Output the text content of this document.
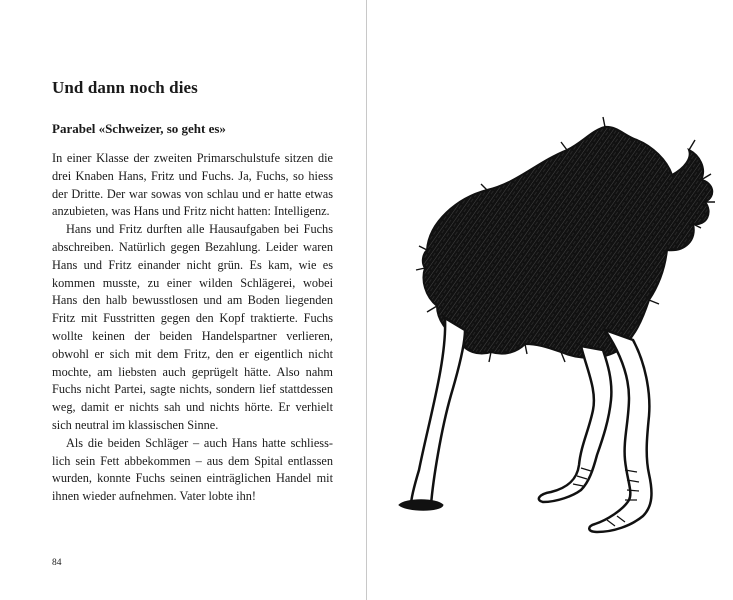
Und dann noch dies
Parabel «Schweizer, so geht es»

In einer Klasse der zweiten Primarschulstufe sitzen die drei Knaben Hans, Fritz und Fuchs. Ja, Fuchs, so hiess der Dritte. Der war sowas von schlau und er hatte etwas anzubieten, was Hans und Fritz nicht hatten: Intelligenz.

Hans und Fritz durften alle Hausaufgaben bei Fuchs abschreiben. Natürlich gegen Bezahlung. Leider waren Hans und Fritz einander nicht grün. Es kam, wie es kommen musste, zu einer wilden Schlägerei, wobei Hans den halb bewusstlosen und am Boden liegenden Fritz mit Fusstritten gegen den Kopf traktierte. Fuchs wollte keinen der beiden Handelspartner verlieren, obwohl er sich mit dem Fritz, den er eigentlich nicht mochte, am liebsten auch geprügelt hätte. Also nahm Fuchs nicht Partei, sagte nichts, sondern lief stattdessen weg, damit er nichts sah und nichts hörte. Er verhielt sich neutral im klassischen Sinne.

Als die beiden Schläger – auch Hans hatte schliesslich sein Fett abbekommen – aus dem Spital entlassen wurden, konnte Fuchs seinen einträglichen Handel mit ihnen wieder aufnehmen. Vater lobte ihn!

84
